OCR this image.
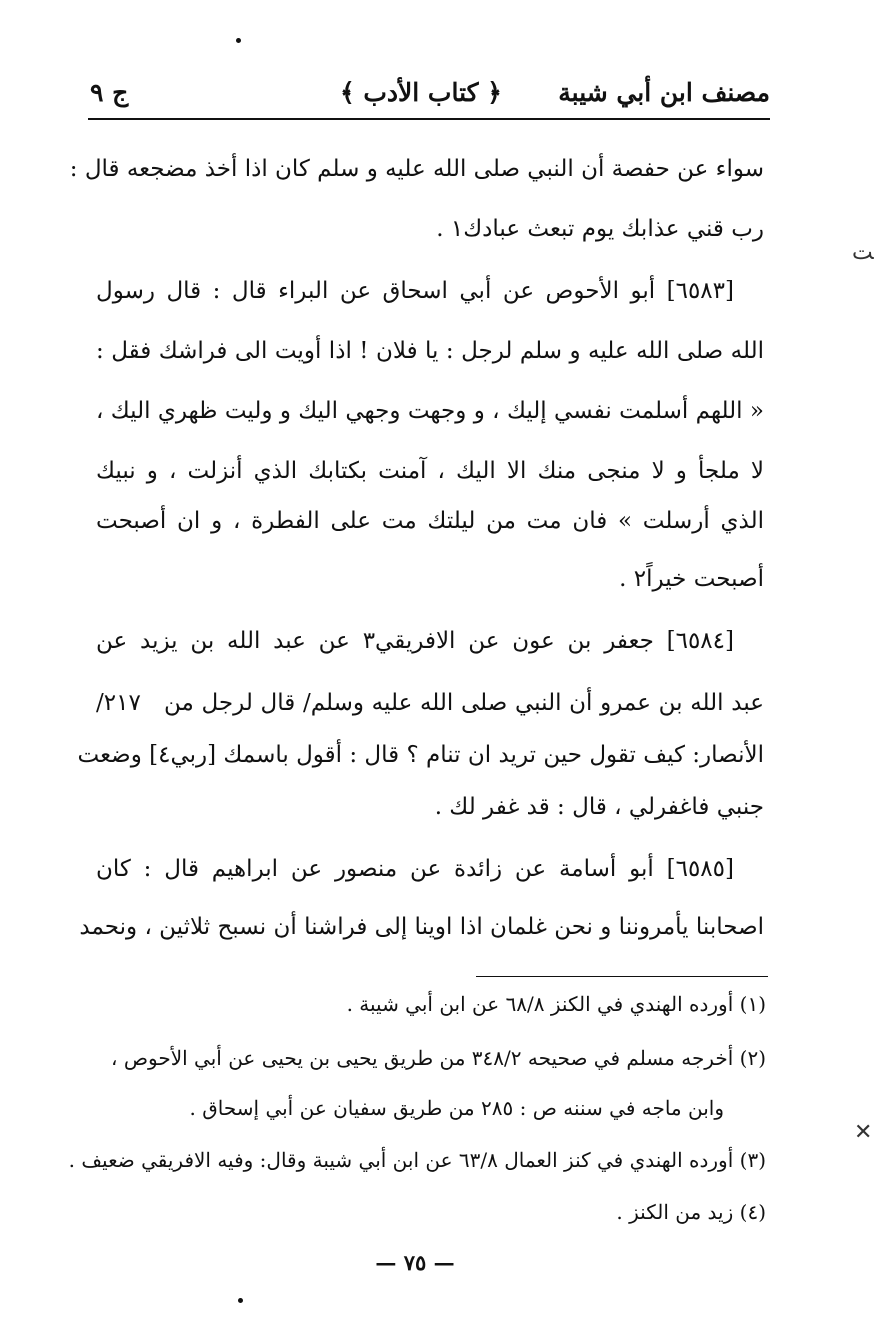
ﺖ
✕
مصنف ابن أبي شيبة
﴿ كتاب الأدب ﴾
ج ٩
سواء عن حفصة أن النبي صلى الله عليه و سلم كان اذا أخذ مضجعه قال :
رب قني عذابك يوم تبعث عبادك١ .
[٦٥٨٣] أبو الأحوص عن أبي اسحاق عن البراء قال : قال رسول
الله صلى الله عليه و سلم لرجل : يا فلان ! اذا أويت الى فراشك فقل :
« اللهم أسلمت نفسي إليك ، و وجهت وجهي اليك و وليت ظهري اليك ،
لا ملجأ و لا منجى منك الا اليك ، آمنت بكتابك الذي أنزلت ، و نبيك
الذي أرسلت » فان مت من ليلتك مت على الفطرة ، و ان أصبحت
أصبحت خيراً٢ .
[٦٥٨٤] جعفر بن عون عن الافريقي٣ عن عبد الله بن يزيد عن
٢١٧/ عبد الله بن عمرو أن النبي صلى الله عليه وسلم/ قال لرجل من
الأنصار: كيف تقول حين تريد ان تنام ؟ قال : أقول باسمك [ربي٤] وضعت
جنبي فاغفرلي ، قال : قد غفر لك .
[٦٥٨٥] أبو أسامة عن زائدة عن منصور عن ابراهيم قال : كان
اصحابنا يأمروننا و نحن غلمان اذا اوينا إلى فراشنا أن نسبح ثلاثين ، ونحمد
(١) أورده الهندي في الكنز ٦٨/٨ عن ابن أبي شيبة .
(٢) أخرجه مسلم في صحيحه ٣٤٨/٢ من طريق يحيى بن يحيى عن أبي الأحوص ،
وابن ماجه في سننه ص : ٢٨٥ من طريق سفيان عن أبي إسحاق .
(٣) أورده الهندي في كنز العمال ٦٣/٨ عن ابن أبي شيبة وقال: وفيه الافريقي ضعيف .
(٤) زيد من الكنز .
— ٧٥ —
